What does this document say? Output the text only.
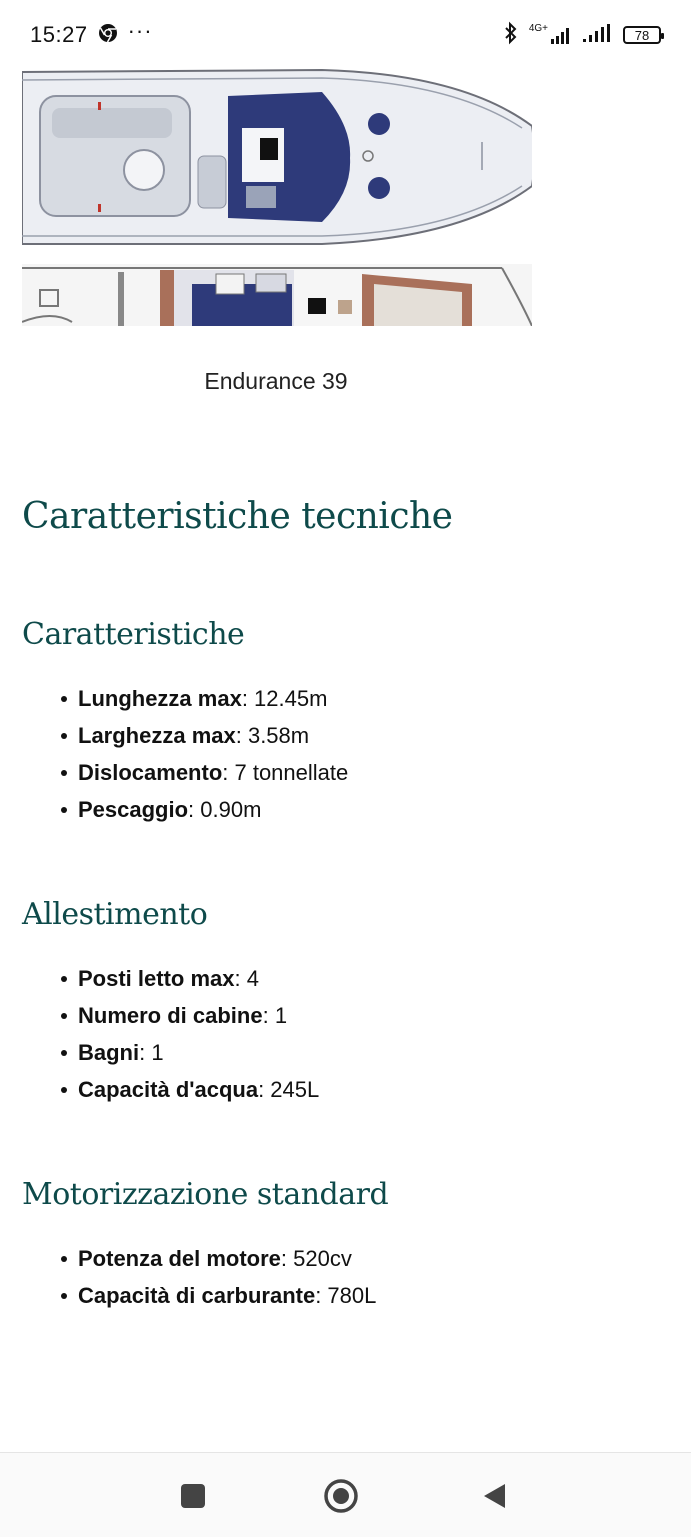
15:27 ···	4G+	78
Endurance 39
Caratteristiche tecniche
Caratteristiche
Lunghezza max: 12.45m
Larghezza max: 3.58m
Dislocamento: 7 tonnellate
Pescaggio: 0.90m
Allestimento
Posti letto max: 4
Numero di cabine: 1
Bagni: 1
Capacità d'acqua: 245L
Motorizzazione standard
Potenza del motore: 520cv
Capacità di carburante: 780L
